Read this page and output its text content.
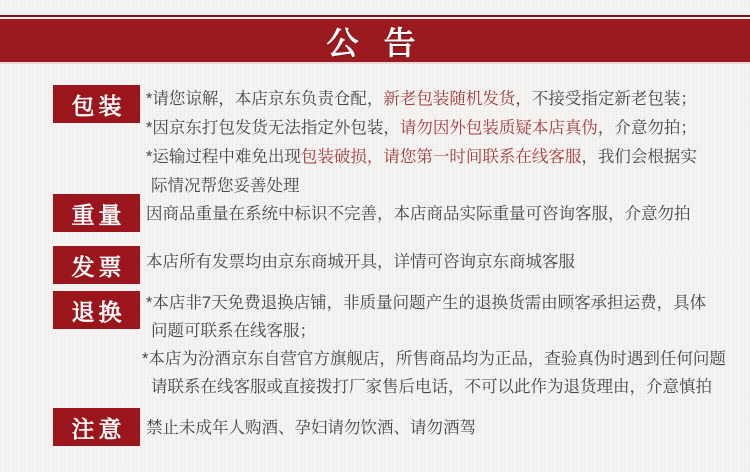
公 告
包装	*请您谅解，本店京东负责仓配，新老包装随机发货，不接受指定新老包装；
*因京东打包发货无法指定外包装，请勿因外包装质疑本店真伪，介意勿拍；
*运输过程中难免出现包装破损，请您第一时间联系在线客服，我们会根据实
际情况帮您妥善处理
重量	因商品重量在系统中标识不完善，本店商品实际重量可咨询客服，介意勿拍
发票	本店所有发票均由京东商城开具，详情可咨询京东商城客服
退换	*本店非7天免费退换店铺，非质量问题产生的退换货需由顾客承担运费，具体
问题可联系在线客服；
*本店为汾酒京东自营官方旗舰店，所售商品均为正品，查验真伪时遇到任何问题
请联系在线客服或直接拨打厂家售后电话，不可以此作为退货理由，介意慎拍
注意	禁止未成年人购酒、孕妇请勿饮酒、请勿酒驾
